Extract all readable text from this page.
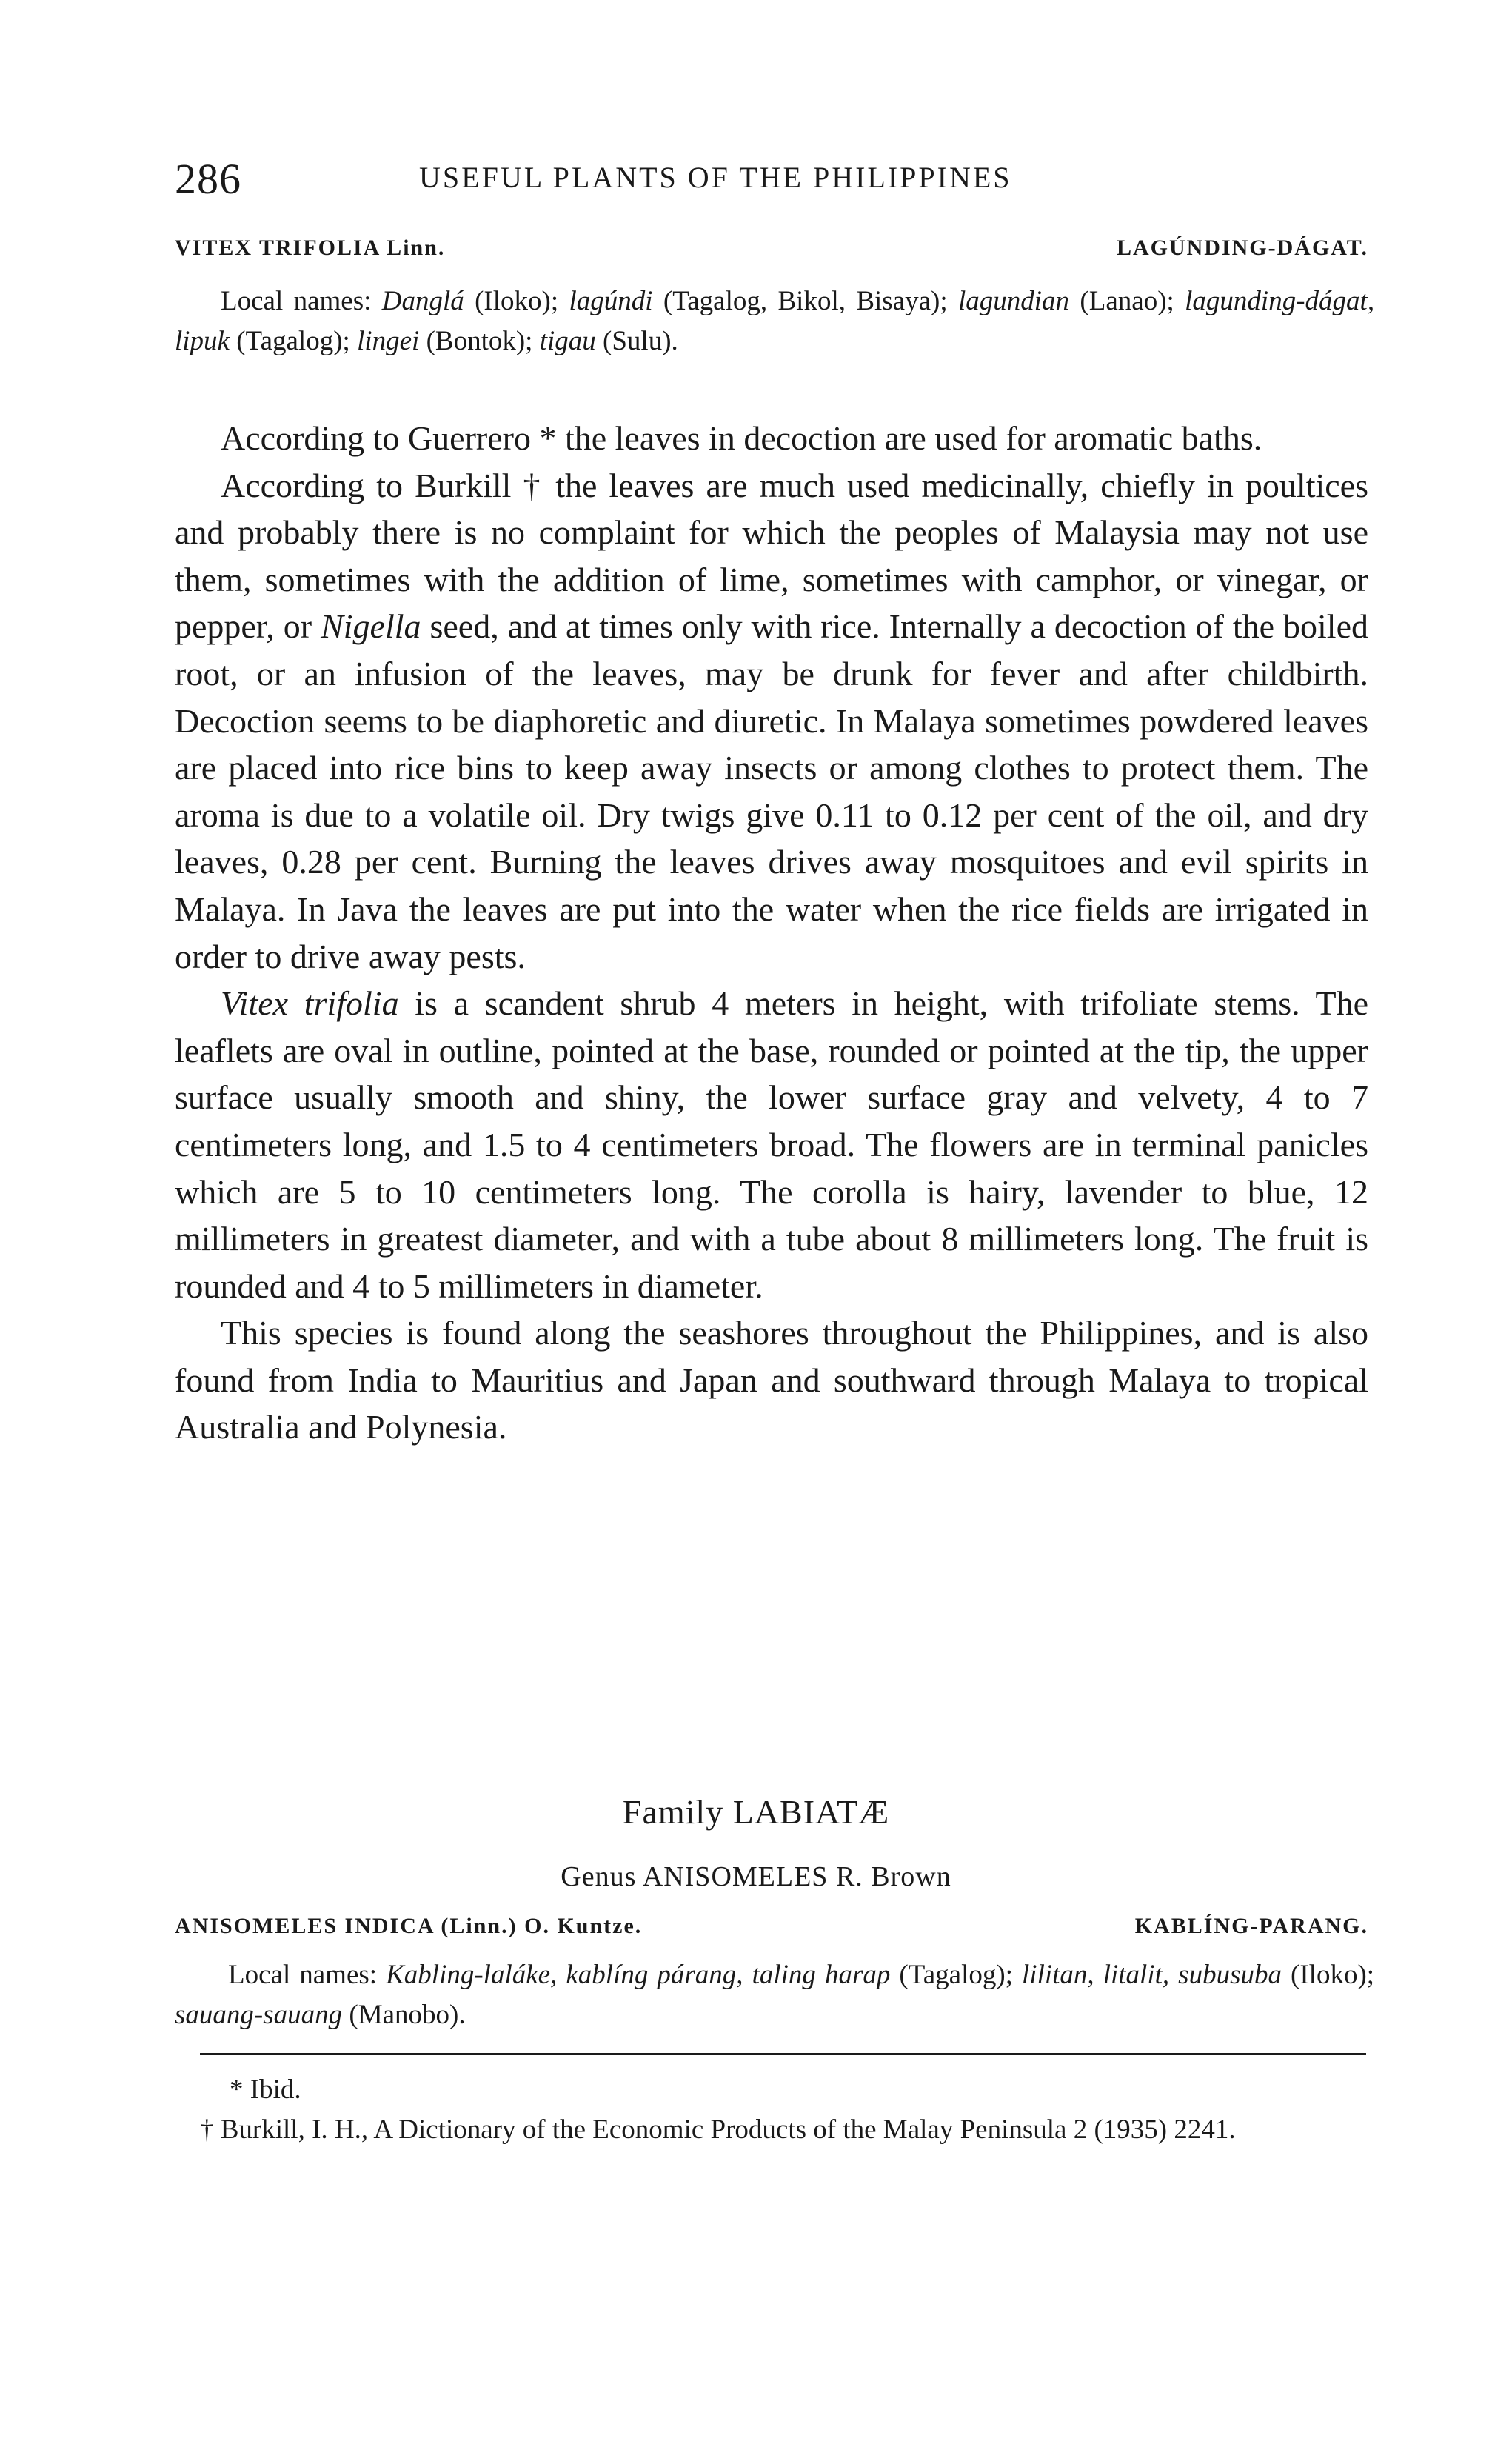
286	USEFUL PLANTS OF THE PHILIPPINES
VITEX TRIFOLIA Linn.	LAGÚNDING-DÁGAT.
Local names: Danglá (Iloko); lagúndi (Tagalog, Bikol, Bisaya); lagundian (Lanao); lagunding-dágat, lipuk (Tagalog); lingei (Bontok); tigau (Sulu).

According to Guerrero * the leaves in decoction are used for aromatic baths.

According to Burkill † the leaves are much used medicinally, chiefly in poultices and probably there is no complaint for which the peoples of Malaysia may not use them, sometimes with the addition of lime, sometimes with camphor, or vinegar, or pepper, or Nigella seed, and at times only with rice. Internally a decoction of the boiled root, or an infusion of the leaves, may be drunk for fever and after childbirth. Decoction seems to be diaphoretic and diuretic. In Malaya sometimes powdered leaves are placed into rice bins to keep away insects or among clothes to protect them. The aroma is due to a volatile oil. Dry twigs give 0.11 to 0.12 per cent of the oil, and dry leaves, 0.28 per cent. Burning the leaves drives away mosquitoes and evil spirits in Malaya. In Java the leaves are put into the water when the rice fields are irrigated in order to drive away pests.

Vitex trifolia is a scandent shrub 4 meters in height, with trifoliate stems. The leaflets are oval in outline, pointed at the base, rounded or pointed at the tip, the upper surface usually smooth and shiny, the lower surface gray and velvety, 4 to 7 centimeters long, and 1.5 to 4 centimeters broad. The flowers are in terminal panicles which are 5 to 10 centimeters long. The corolla is hairy, lavender to blue, 12 millimeters in greatest diameter, and with a tube about 8 millimeters long. The fruit is rounded and 4 to 5 millimeters in diameter.

This species is found along the seashores throughout the Philippines, and is also found from India to Mauritius and Japan and southward through Malaya to tropical Australia and Polynesia.

Family LABIATÆ
Genus ANISOMELES R. Brown
ANISOMELES INDICA (Linn.) O. Kuntze.	KABLÍNG-PARANG.
Local names: Kabling-laláke, kablíng párang, taling harap (Tagalog); lilitan, litalit, subusuba (Iloko); sauang-sauang (Manobo).

* Ibid.

† Burkill, I. H., A Dictionary of the Economic Products of the Malay Peninsula 2 (1935) 2241.
